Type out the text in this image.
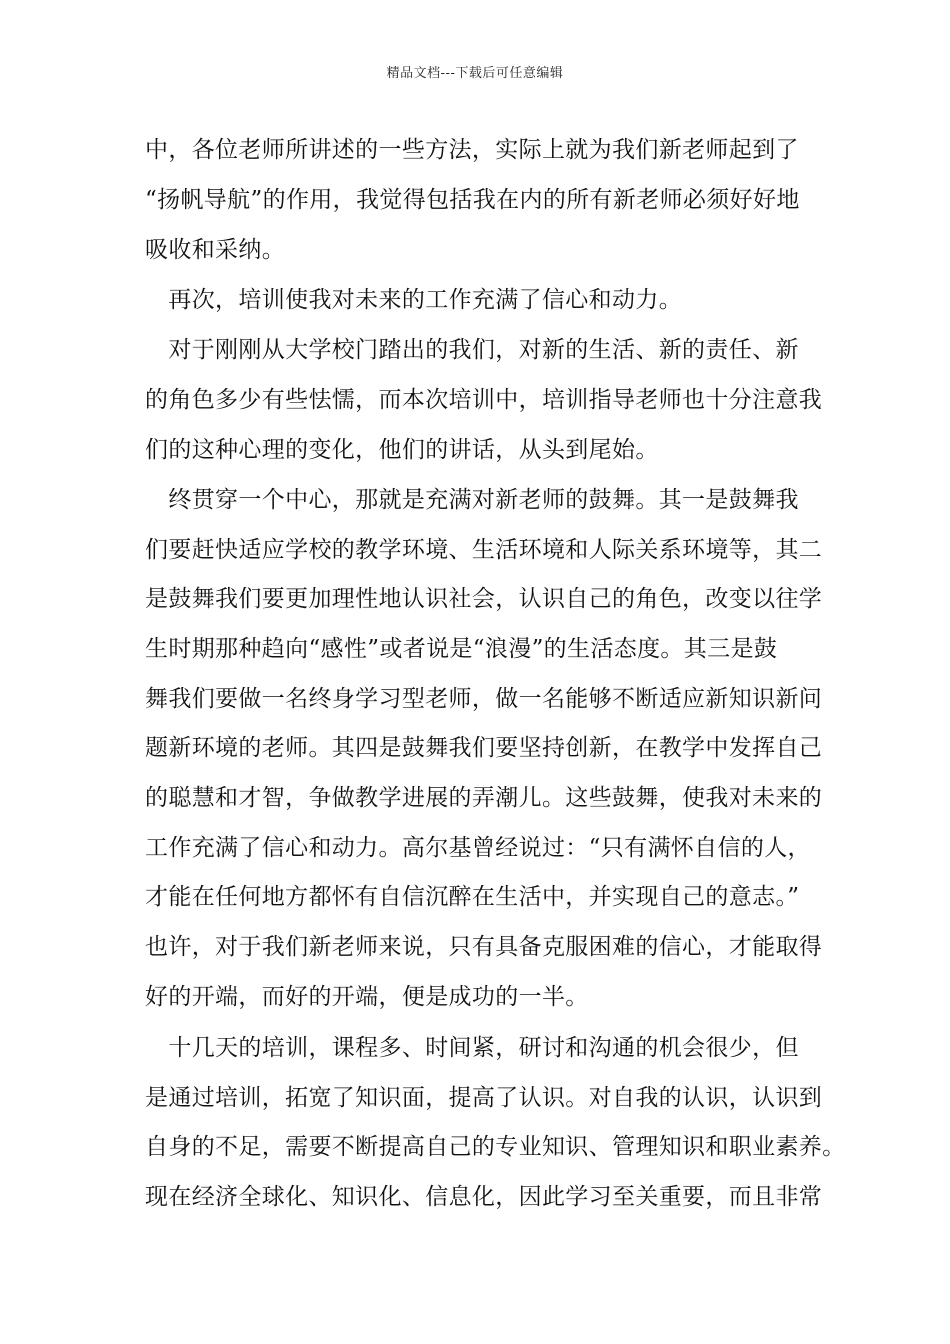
精品文档---下载后可任意编辑
中，各位老师所讲述的一些方法，实际上就为我们新老师起到了
“扬帆导航”的作用，我觉得包括我在内的所有新老师必须好好地
吸收和采纳。
　再次，培训使我对未来的工作充满了信心和动力。
　对于刚刚从大学校门踏出的我们，对新的生活、新的责任、新
的角色多少有些怯懦，而本次培训中，培训指导老师也十分注意我
们的这种心理的变化，他们的讲话，从头到尾始。
　终贯穿一个中心，那就是充满对新老师的鼓舞。其一是鼓舞我
们要赶快适应学校的教学环境、生活环境和人际关系环境等，其二
是鼓舞我们要更加理性地认识社会，认识自己的角色，改变以往学
生时期那种趋向“感性”或者说是“浪漫”的生活态度。其三是鼓
舞我们要做一名终身学习型老师，做一名能够不断适应新知识新问
题新环境的老师。其四是鼓舞我们要坚持创新，在教学中发挥自己
的聪慧和才智，争做教学进展的弄潮儿。这些鼓舞，使我对未来的
工作充满了信心和动力。高尔基曾经说过：“只有满怀自信的人，
才能在任何地方都怀有自信沉醉在生活中，并实现自己的意志。”
也许，对于我们新老师来说，只有具备克服困难的信心，才能取得
好的开端，而好的开端，便是成功的一半。
　十几天的培训，课程多、时间紧，研讨和沟通的机会很少，但
是通过培训，拓宽了知识面，提高了认识。对自我的认识，认识到
自身的不足，需要不断提高自己的专业知识、管理知识和职业素养。
现在经济全球化、知识化、信息化，因此学习至关重要，而且非常
